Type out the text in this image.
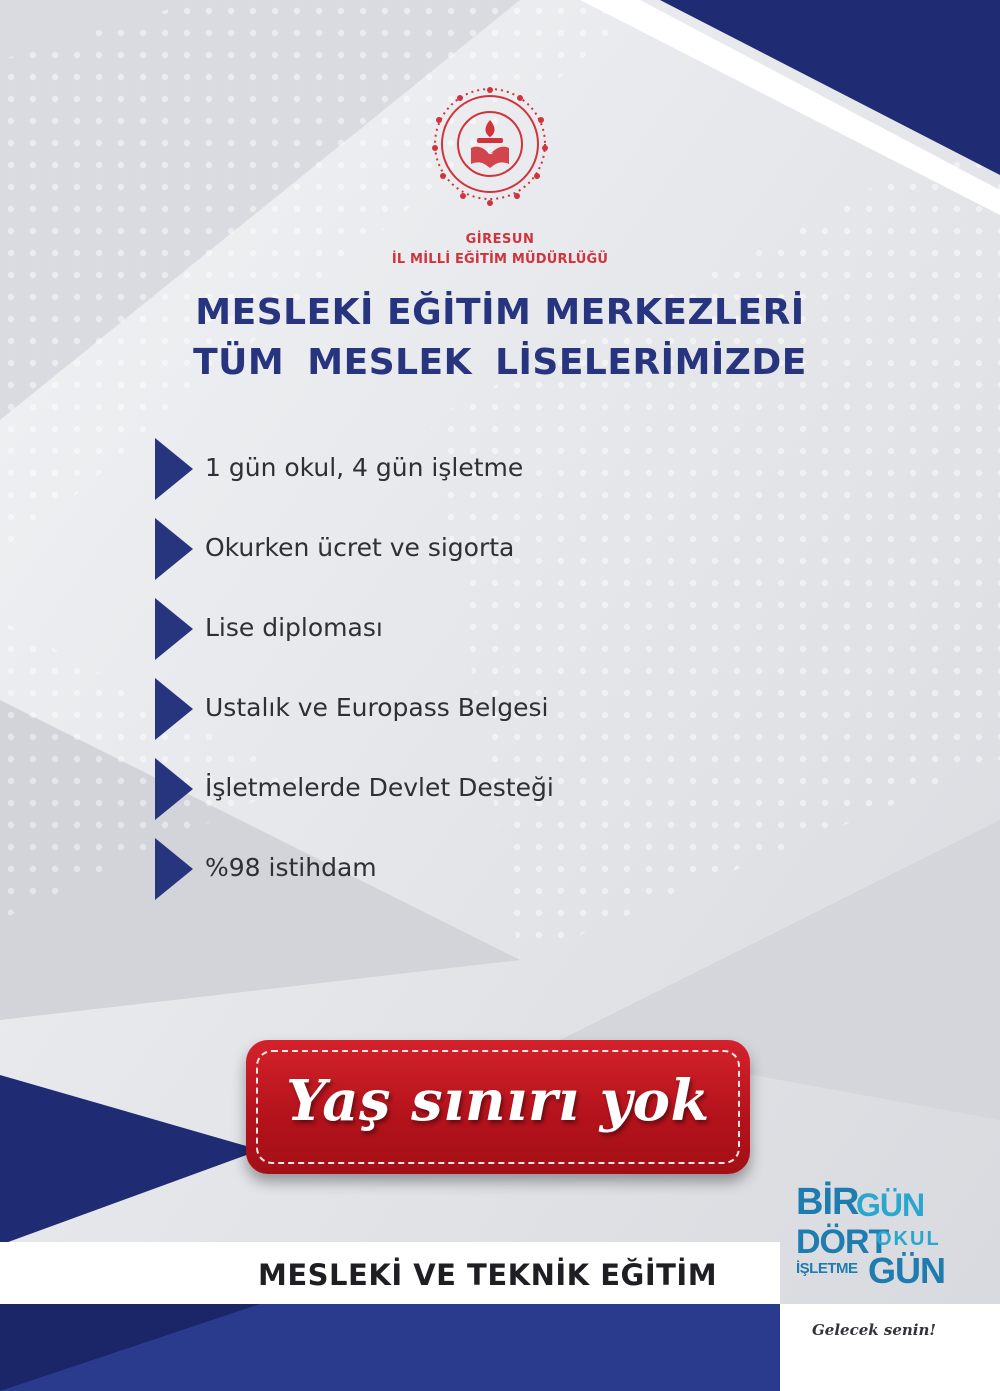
C
GİRESUN
İL MİLLİ EĞİTİM MÜDÜRLÜĞÜ
MESLEKİ EĞİTİM MERKEZLERİ
TÜM MESLEK LİSELERİMİZDE
1 gün okul, 4 gün işletme
Okurken ücret ve sigorta
Lise diploması
Ustalık ve Europass Belgesi
İşletmelerde Devlet Desteği
%98 istihdam
Yaş sınırı yok
MESLEKİ VE TEKNİK EĞİTİM
BİR
GÜN
DÖRT
OKUL
İŞLETME GÜN
Gelecek senin!
